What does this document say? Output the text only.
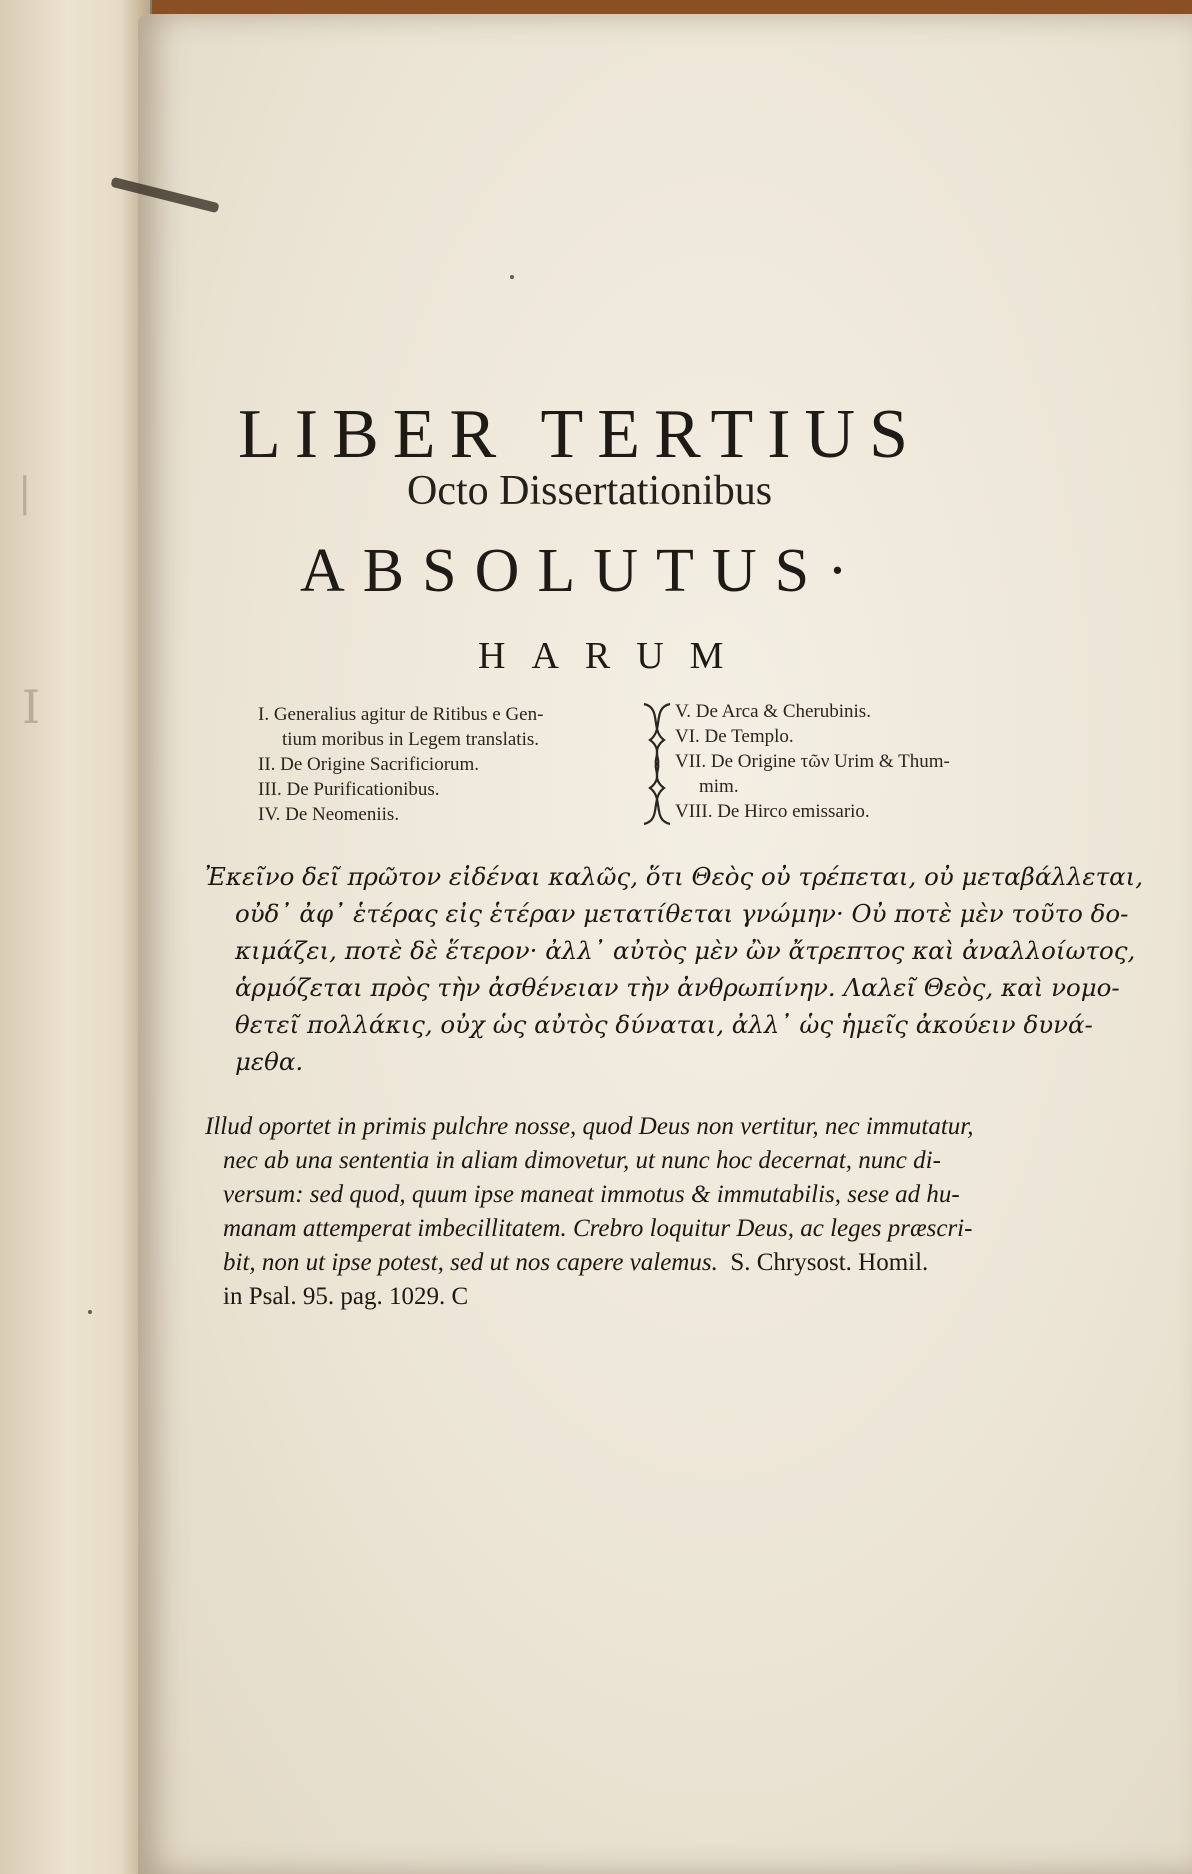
|
I
LIBER TERTIUS
Octo Dissertationibus
ABSOLUTUS·
HARUM
I. Generalius agitur de Ritibus e Gen-
tium moribus in Legem translatis.
II. De Origine Sacrificiorum.
III. De Purificationibus.
IV. De Neomeniis.
V. De Arca & Cherubinis.
VI. De Templo.
VII. De Origine τῶν Urim & Thum-
mim.
VIII. De Hirco emissario.
Ἐκεῖνο δεῖ πρῶτον εἰδέναι καλῶς, ὅτι Θεὸς οὐ τρέπεται, οὐ μεταβάλλεται,
οὐδ᾽ ἀφ᾽ ἑτέρας εἰς ἑτέραν μετατίθεται γνώμην· Οὐ ποτὲ μὲν τοῦτο δο-
κιμάζει, ποτὲ δὲ ἕτερον· ἀλλ᾽ αὐτὸς μὲν ὢν ἄτρεπτος καὶ ἀναλλοίωτος,
ἁρμόζεται πρὸς τὴν ἀσθένειαν τὴν ἀνθρωπίνην. Λαλεῖ Θεὸς, καὶ νομο-
θετεῖ πολλάκις, οὐχ ὡς αὐτὸς δύναται, ἀλλ᾽ ὡς ἡμεῖς ἀκούειν δυνά-
μεθα.
Illud oportet in primis pulchre nosse, quod Deus non vertitur, nec immutatur,
nec ab una sententia in aliam dimovetur, ut nunc hoc decernat, nunc di-
versum: sed quod, quum ipse maneat immotus & immutabilis, sese ad hu-
manam attemperat imbecillitatem. Crebro loquitur Deus, ac leges præscri-
bit, non ut ipse potest, sed ut nos capere valemus. S. Chrysost. Homil.
in Psal. 95. pag. 1029. C
